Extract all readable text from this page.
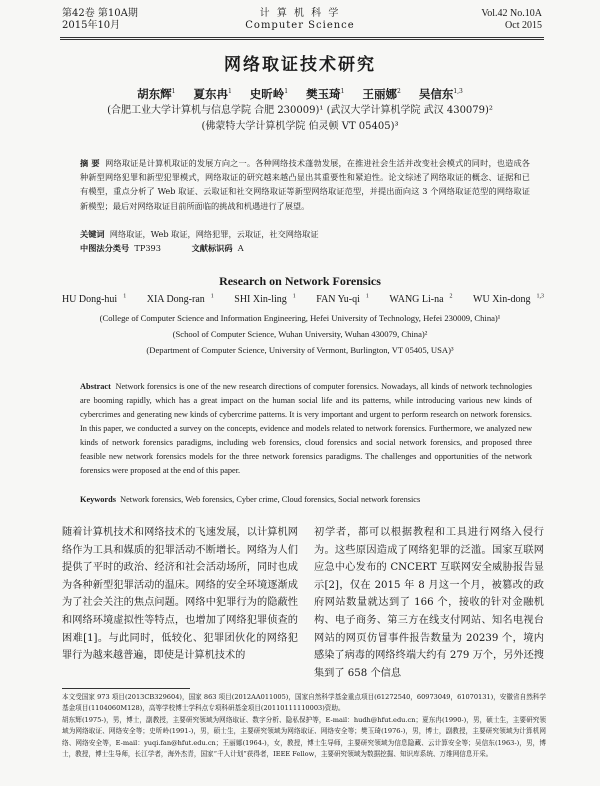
第42卷 第10A期
2015年10月
计 算 机 科 学
Computer Science
Vol.42 No.10A
Oct 2015
网络取证技术研究
胡东辉$^1$ 夏东冉$^1$ 史昕岭$^1$ 樊玉琦$^1$ 王丽娜$^2$ 吴信东$^{1,3}$
(合肥工业大学计算机与信息学院 合肥 230009)¹ (武汉大学计算机学院 武汉 430079)²
(佛蒙特大学计算机学院 伯灵顿 VT 05405)³
摘 要 网络取证是计算机取证的发展方向之一。各种网络技术蓬勃发展，在推进社会生活并改变社会模式的同时，也造成各种新型网络犯罪和新型犯罪模式，网络取证的研究越来越凸显出其重要性和紧迫性。论文综述了网络取证的概念、证据和已有模型，重点分析了 Web 取证、云取证和社交网络取证等新型网络取证范型，并提出面向这 3 个网络取证范型的网络取证新模型；最后对网络取证目前所面临的挑战和机遇进行了展望。
关键词 网络取证，Web 取证，网络犯罪，云取证，社交网络取证
中图法分类号 TP393	文献标识码 A
Research on Network Forensics
HU Dong-hui $^1$ XIA Dong-ran $^1$ SHI Xin-ling $^1$ FAN Yu-qi $^1$ WANG Li-na $^2$ WU Xin-dong $^{1,3}$
(College of Computer Science and Information Engineering, Hefei University of Technology, Hefei 230009, China)¹
(School of Computer Science, Wuhan University, Wuhan 430079, China)²
(Department of Computer Science, University of Vermont, Burlington, VT 05405, USA)³
Abstract Network forensics is one of the new research directions of computer forensics. Nowadays, all kinds of network technologies are booming rapidly, which has a great impact on the human social life and its patterns, while introducing various new kinds of cybercrimes and generating new kinds of cybercrime patterns. It is very important and urgent to perform research on network forensics. In this paper, we conducted a survey on the concepts, evidence and models related to network forensics. Furthermore, we analyzed new kinds of network forensics paradigms, including web forensics, cloud forensics and social network forensics, and proposed three feasible new network forensics models for the three network forensics paradigms. The challenges and opportunities of the network forensics were proposed at the end of this paper.
Keywords Network forensics, Web forensics, Cyber crime, Cloud forensics, Social network forensics
随着计算机技术和网络技术的飞速发展，以计算机网络作为工具和媒质的犯罪活动不断增长。网络为人们提供了平时的政治、经济和社会活动场所，同时也成为各种新型犯罪活动的温床。网络的安全环境逐渐成为了社会关注的焦点问题。网络中犯罪行为的隐蔽性和网络环境虚拟性等特点，也增加了网络犯罪侦查的困难[1]。与此同时，低较化、犯罪团伙化的网络犯罪行为越来越普遍，即使是计算机技术的
初学者，都可以根据教程和工具进行网络入侵行为。这些原因造成了网络犯罪的泛滥。国家互联网应急中心发布的 CNCERT 互联网安全威胁报告显示[2]，仅在 2015 年 8 月这一个月，被篡改的政府网站数量就达到了 166 个，接收的针对金融机构、电子商务、第三方在线支付网站、知名电视台网站的网页仿冒事件报告数量为 20239 个，境内感染了病毒的网络终端大约有 279 万个，另外还搜集到了 658 个信息

本文受国家 973 项目(2013CB329604)，国家 863 项目(2012AA011005)，国家自然科学基金重点项目(61272540，60973049，61070131)，安徽省自然科学基金项目(1104060M128)，高等学校博士学科点专项科研基金项目(20110111110003)资助。

胡东辉(1975-)，男，博士，副教授，主要研究领域为网络取证、数字分析、隐私保护等，E-mail：hudh@hfut.edu.cn；夏东冉(1990-)，男，硕士生，主要研究领域为网络取证、网络安全等；史昕岭(1991-)，男，硕士生，主要研究领域为网络取证、网络安全等；樊玉琦(1976-)，男，博士，副教授，主要研究领域为计算机网络、网络安全等，E-mail：yuqi.fan@hfut.edu.cn；王丽娜(1964-)，女，教授，博士生导师，主要研究领域为信息隐藏、云计算安全等；吴信东(1963-)，男，博士，教授，博士生导师，长江学者，海外杰青，国家“千人计划”获得者，IEEE Fellow，主要研究领域为数据挖掘、知识库系统、万维网信息开采。
